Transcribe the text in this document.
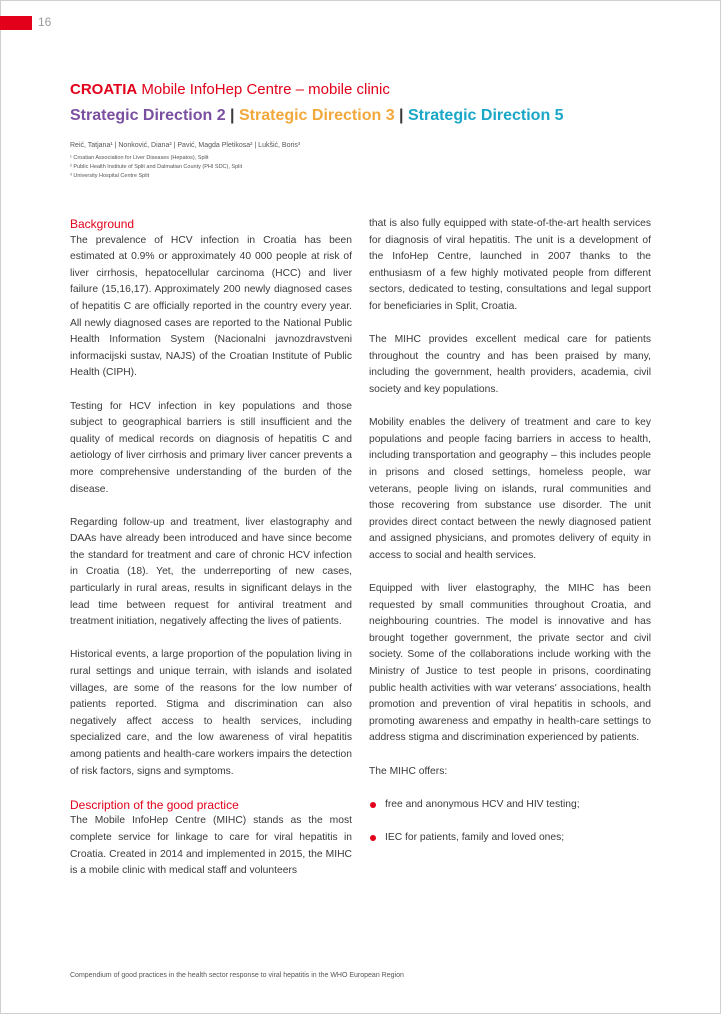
16
CROATIA Mobile InfoHep Centre – mobile clinic
Strategic Direction 2 | Strategic Direction 3 | Strategic Direction 5
Reić, Tatjana¹ | Nonković, Diana² | Pavić, Magda Pletikosa² | Lukšić, Boris³
¹ Croatian Association for Liver Diseases (Hepatos), Split
² Public Health Institute of Split and Dalmatian County (PHI SDC), Split
³ University Hospital Centre Split
Background

The prevalence of HCV infection in Croatia has been estimated at 0.9% or approximately 40 000 people at risk of liver cirrhosis, hepatocellular carcinoma (HCC) and liver failure (15,16,17). Approximately 200 newly diagnosed cases of hepatitis C are officially reported in the country every year. All newly diagnosed cases are reported to the National Public Health Information System (Nacionalni javnozdravstveni informacijski sustav, NAJS) of the Croatian Institute of Public Health (CIPH).

Testing for HCV infection in key populations and those subject to geographical barriers is still insufficient and the quality of medical records on diagnosis of hepatitis C and aetiology of liver cirrhosis and primary liver cancer prevents a more comprehensive understanding of the burden of the disease.

Regarding follow-up and treatment, liver elastography and DAAs have already been introduced and have since become the standard for treatment and care of chronic HCV infection in Croatia (18). Yet, the underreporting of new cases, particularly in rural areas, results in significant delays in the lead time between request for antiviral treatment and treatment initiation, negatively affecting the lives of patients.

Historical events, a large proportion of the population living in rural settings and unique terrain, with islands and isolated villages, are some of the reasons for the low number of patients reported. Stigma and discrimination can also negatively affect access to health services, including specialized care, and the low awareness of viral hepatitis among patients and health-care workers impairs the detection of risk factors, signs and symptoms.

Description of the good practice

The Mobile InfoHep Centre (MIHC) stands as the most complete service for linkage to care for viral hepatitis in Croatia. Created in 2014 and implemented in 2015, the MIHC is a mobile clinic with medical staff and volunteers

that is also fully equipped with state-of-the-art health services for diagnosis of viral hepatitis. The unit is a development of the InfoHep Centre, launched in 2007 thanks to the enthusiasm of a few highly motivated people from different sectors, dedicated to testing, consultations and legal support for beneficiaries in Split, Croatia.

The MIHC provides excellent medical care for patients throughout the country and has been praised by many, including the government, health providers, academia, civil society and key populations.

Mobility enables the delivery of treatment and care to key populations and people facing barriers in access to health, including transportation and geography – this includes people in prisons and closed settings, homeless people, war veterans, people living on islands, rural communities and those recovering from substance use disorder. The unit provides direct contact between the newly diagnosed patient and assigned physicians, and promotes delivery of equity in access to social and health services.

Equipped with liver elastography, the MIHC has been requested by small communities throughout Croatia, and neighbouring countries. The model is innovative and has brought together government, the private sector and civil society. Some of the collaborations include working with the Ministry of Justice to test people in prisons, coordinating public health activities with war veterans' associations, health promotion and prevention of viral hepatitis in schools, and promoting awareness and empathy in health-care settings to address stigma and discrimination experienced by patients.

The MIHC offers:

free and anonymous HCV and HIV testing;
IEC for patients, family and loved ones;
Compendium of good practices in the health sector response to viral hepatitis in the WHO European Region
